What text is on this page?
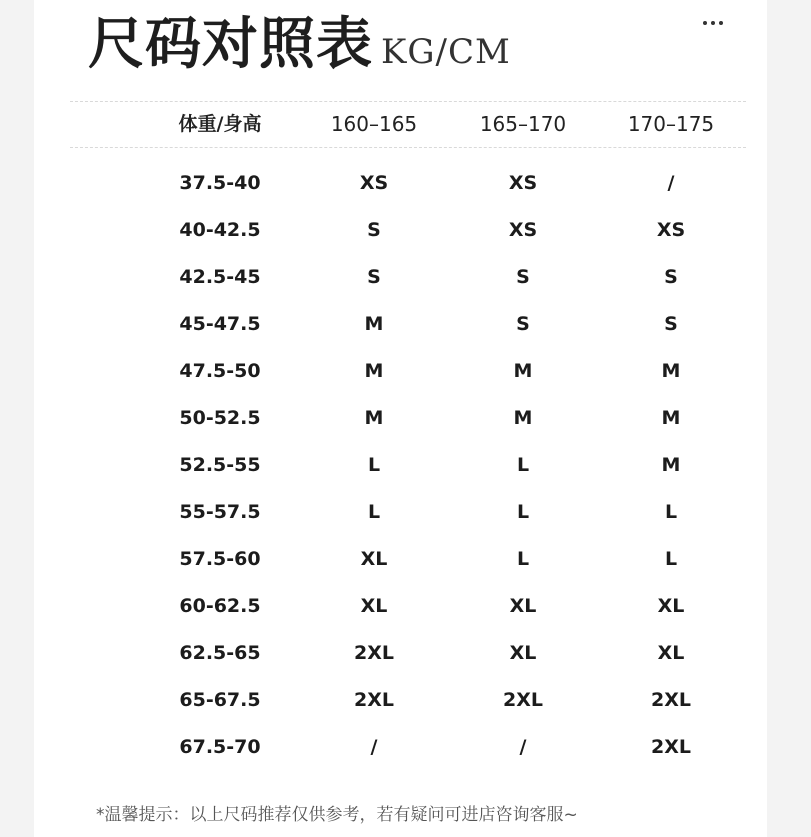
尺码对照表 KG/CM
体重/身高	160–165	165–170	170–175
37.5-40	XS	XS	/
40-42.5	S	XS	XS
42.5-45	S	S	S
45-47.5	M	S	S
47.5-50	M	M	M
50-52.5	M	M	M
52.5-55	L	L	M
55-57.5	L	L	L
57.5-60	XL	L	L
60-62.5	XL	XL	XL
62.5-65	2XL	XL	XL
65-67.5	2XL	2XL	2XL
67.5-70	/	/	2XL
*温馨提示：以上尺码推荐仅供参考，若有疑问可进店咨询客服~
